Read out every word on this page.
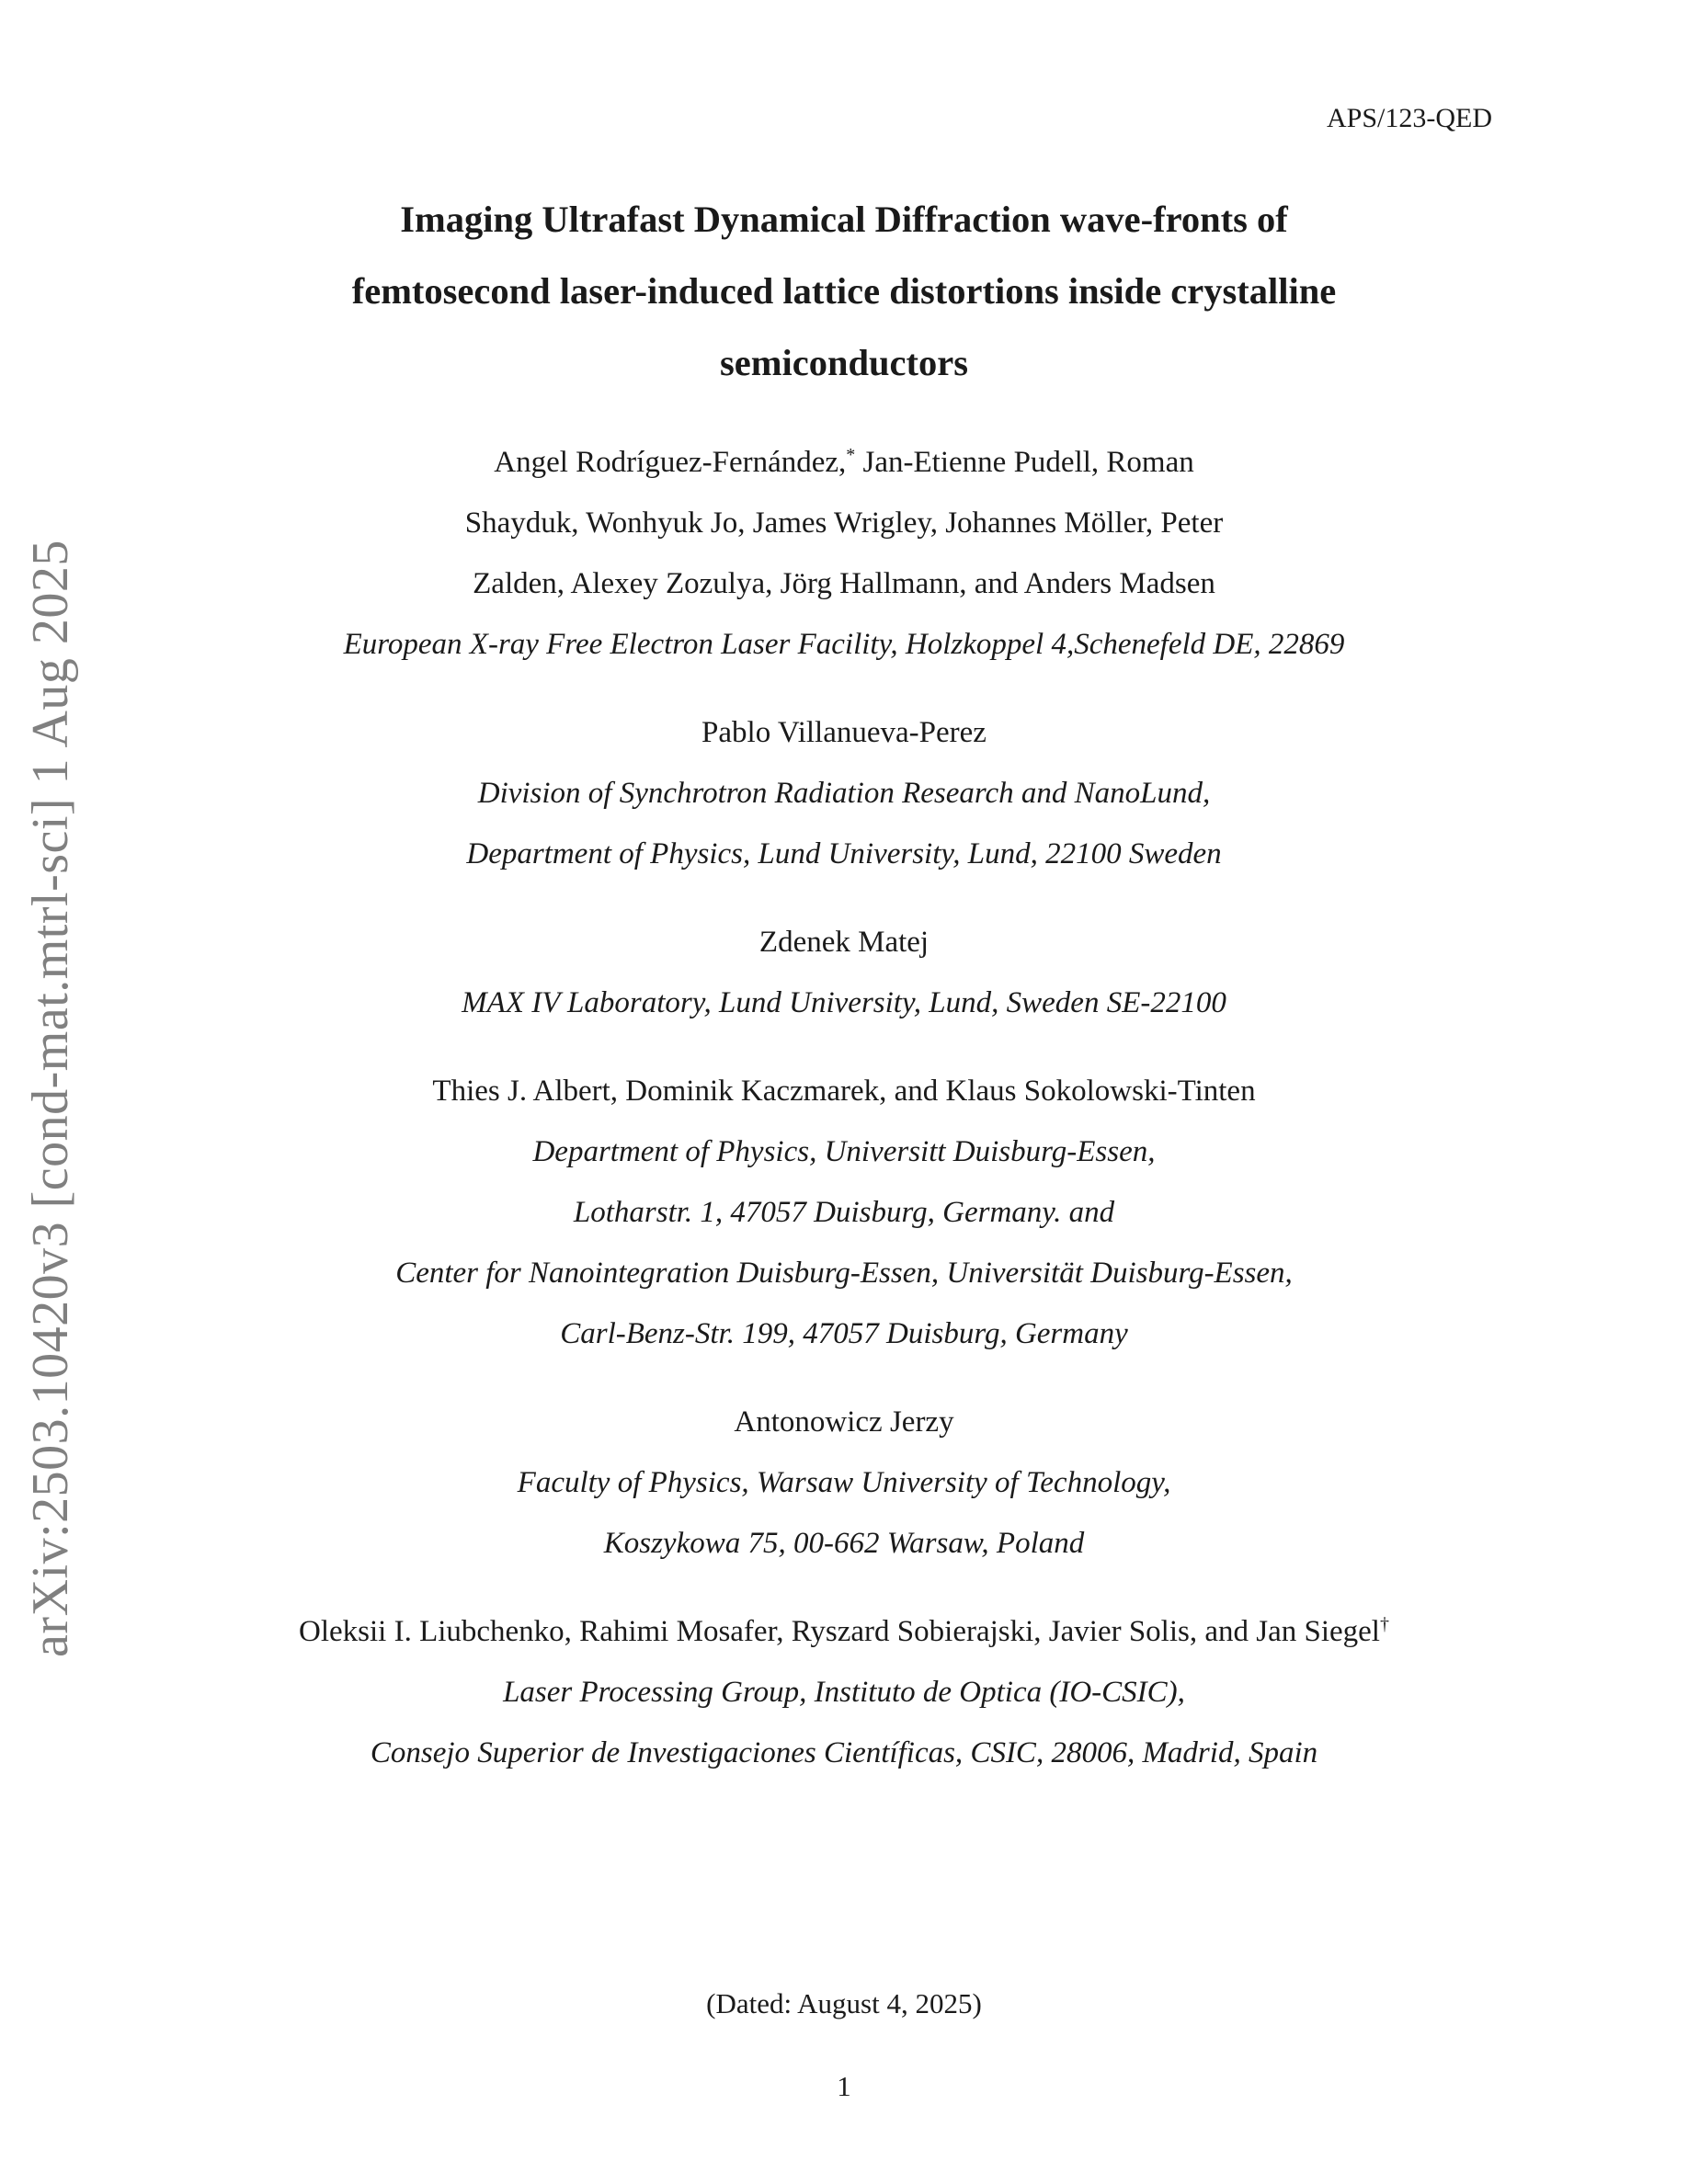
APS/123-QED
arXiv:2503.10420v3 [cond-mat.mtrl-sci] 1 Aug 2025
Imaging Ultrafast Dynamical Diffraction wave-fronts of
femtosecond laser-induced lattice distortions inside crystalline
semiconductors
Angel Rodríguez-Fernández,* Jan-Etienne Pudell, Roman
Shayduk, Wonhyuk Jo, James Wrigley, Johannes Möller, Peter
Zalden, Alexey Zozulya, Jörg Hallmann, and Anders Madsen
European X-ray Free Electron Laser Facility, Holzkoppel 4,Schenefeld DE, 22869
Pablo Villanueva-Perez
Division of Synchrotron Radiation Research and NanoLund,
Department of Physics, Lund University, Lund, 22100 Sweden
Zdenek Matej
MAX IV Laboratory, Lund University, Lund, Sweden SE-22100
Thies J. Albert, Dominik Kaczmarek, and Klaus Sokolowski-Tinten
Department of Physics, Universitt Duisburg-Essen,
Lotharstr. 1, 47057 Duisburg, Germany. and
Center for Nanointegration Duisburg-Essen, Universität Duisburg-Essen,
Carl-Benz-Str. 199, 47057 Duisburg, Germany
Antonowicz Jerzy
Faculty of Physics, Warsaw University of Technology,
Koszykowa 75, 00-662 Warsaw, Poland
Oleksii I. Liubchenko, Rahimi Mosafer, Ryszard Sobierajski, Javier Solis, and Jan Siegel†
Laser Processing Group, Instituto de Optica (IO-CSIC),
Consejo Superior de Investigaciones Científicas, CSIC, 28006, Madrid, Spain
(Dated: August 4, 2025)
1
